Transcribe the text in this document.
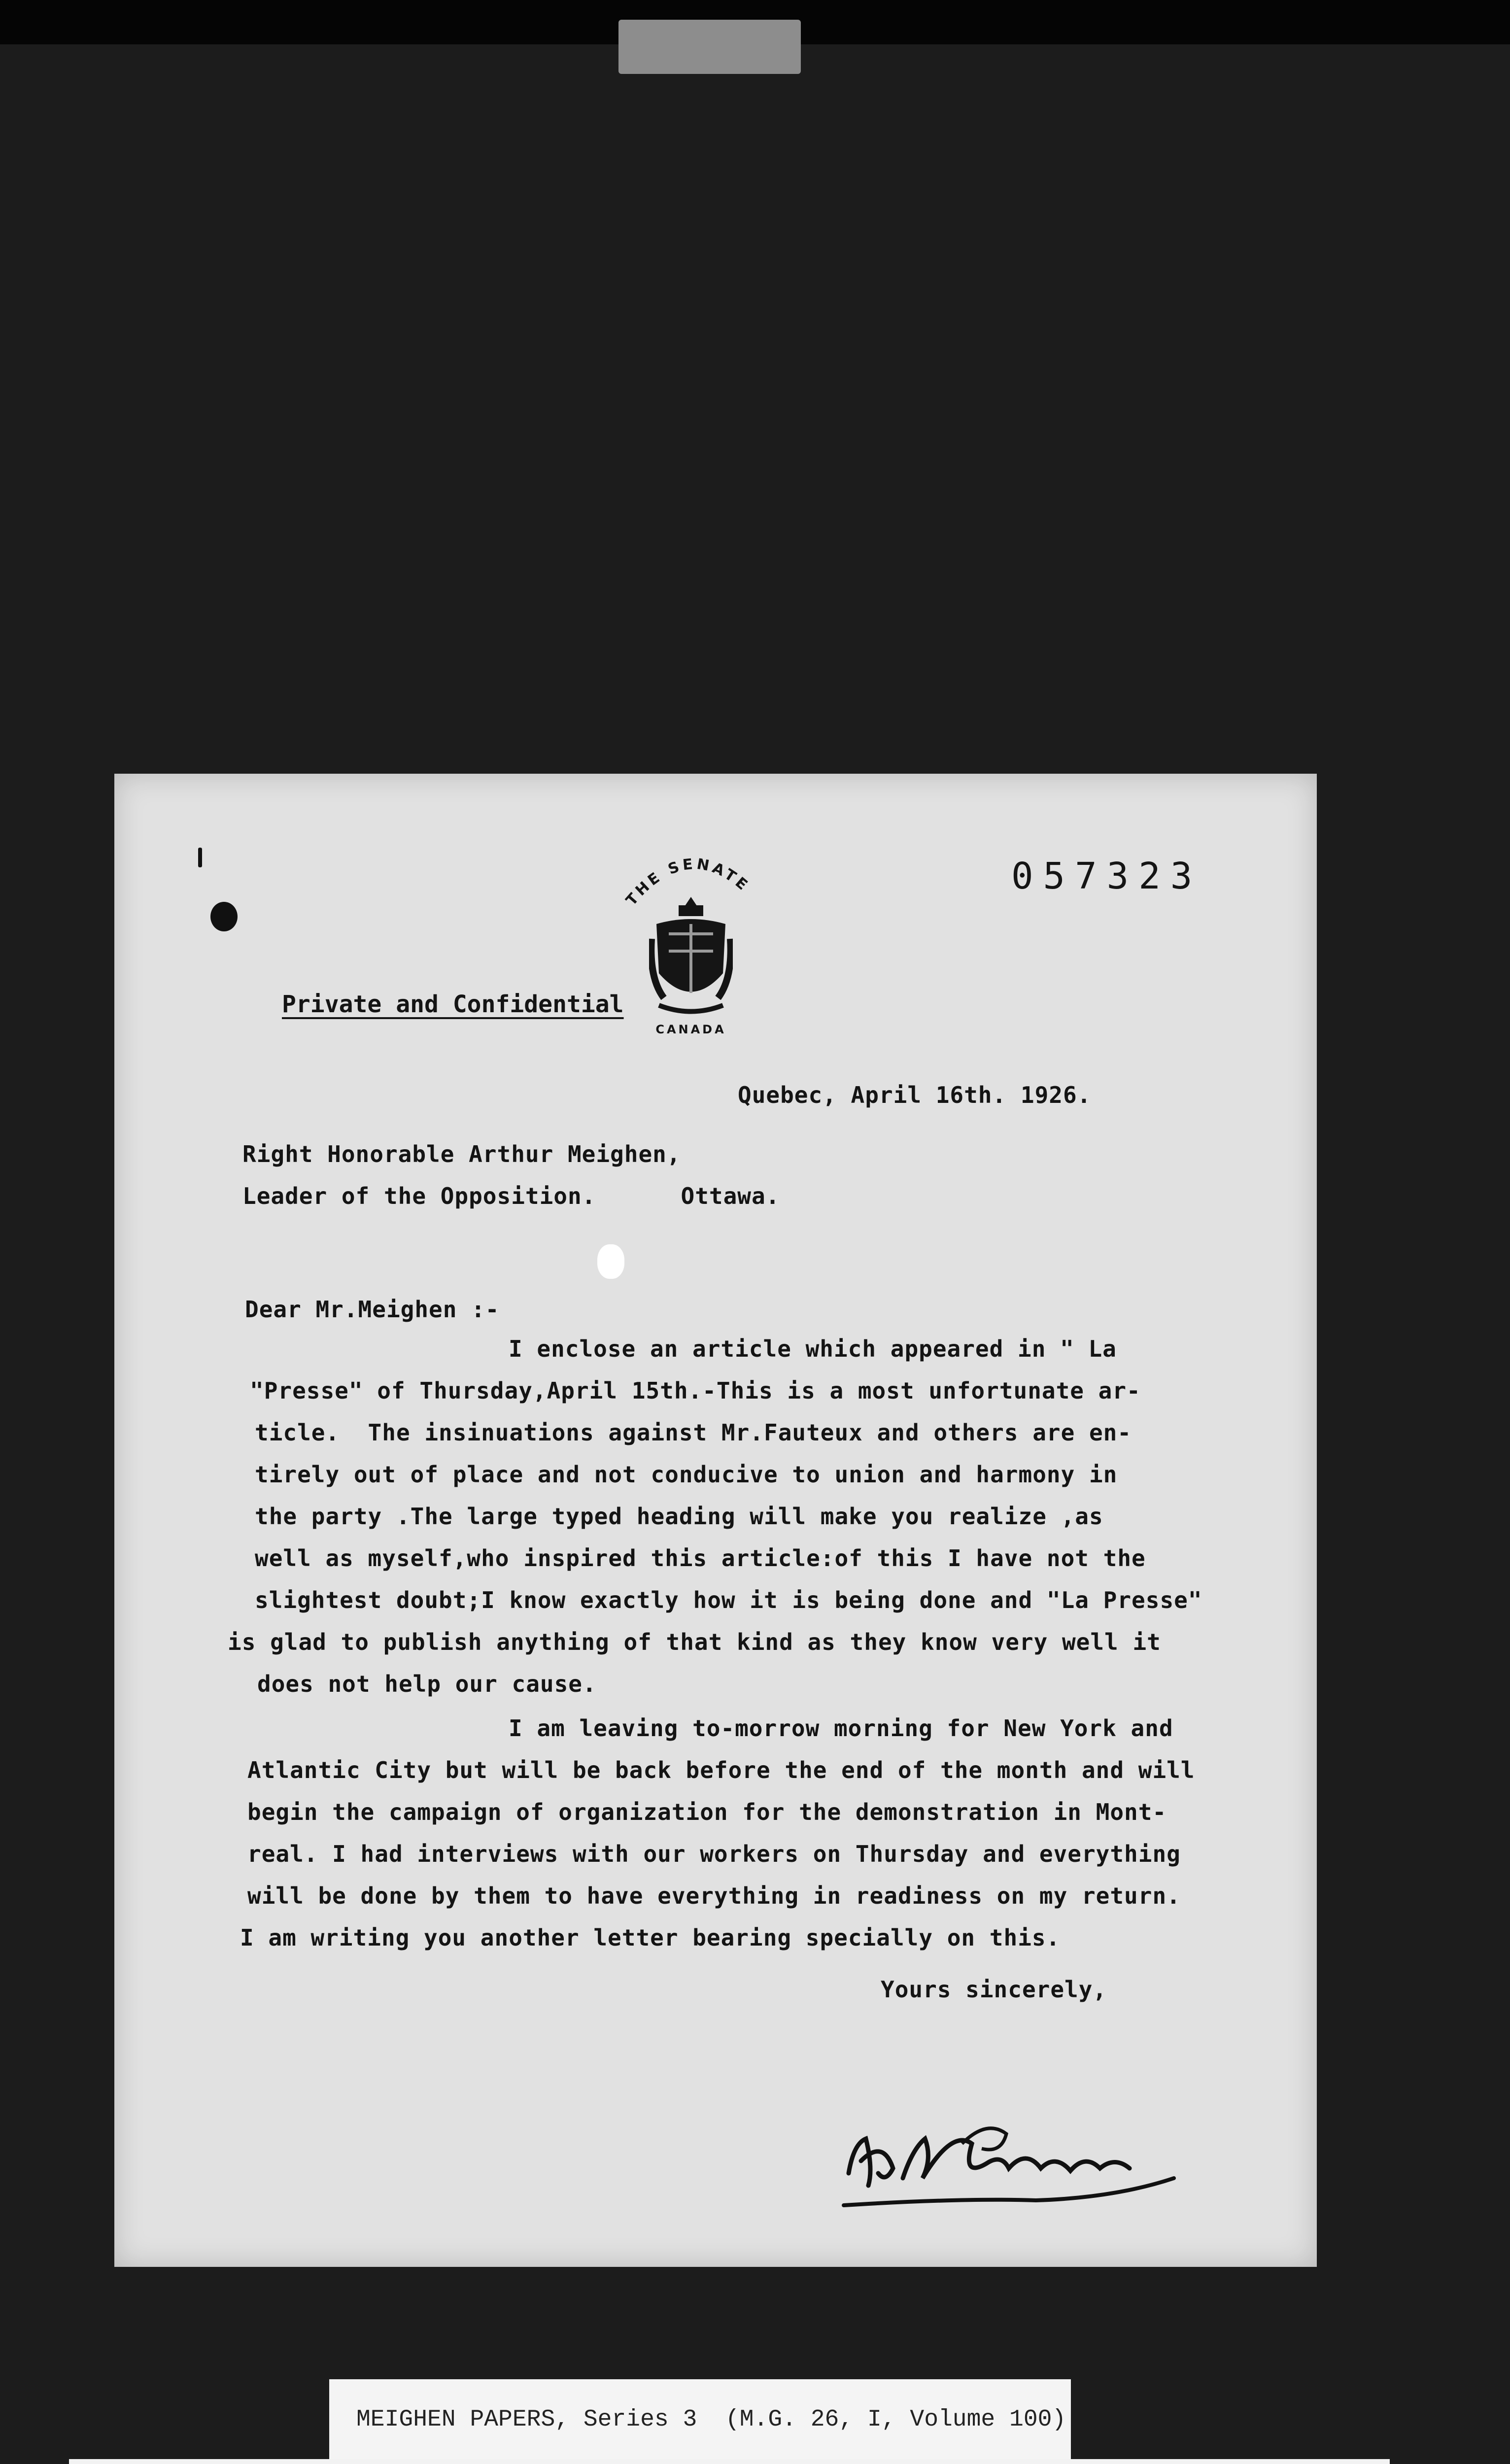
057323
THE SENATE
CANADA
Private and Confidential
Quebec, April 16th. 1926.
Right Honorable Arthur Meighen,
Leader of the Opposition.      Ottawa.
Dear Mr.Meighen :-
I enclose an article which appeared in " La
"Presse" of Thursday,April 15th.-This is a most unfortunate ar-
ticle.  The insinuations against Mr.Fauteux and others are en-
tirely out of place and not conducive to union and harmony in
the party .The large typed heading will make you realize ,as
well as myself,who inspired this article:of this I have not the
slightest doubt;I know exactly how it is being done and "La Presse"
is glad to publish anything of that kind as they know very well it
does not help our cause.
I am leaving to-morrow morning for New York and
Atlantic City but will be back before the end of the month and will
begin the campaign of organization for the demonstration in Mont-
real. I had interviews with our workers on Thursday and everything
will be done by them to have everything in readiness on my return.
I am writing you another letter bearing specially on this.
Yours sincerely,
MEIGHEN PAPERS, Series 3 (M.G. 26, I, Volume 100)
